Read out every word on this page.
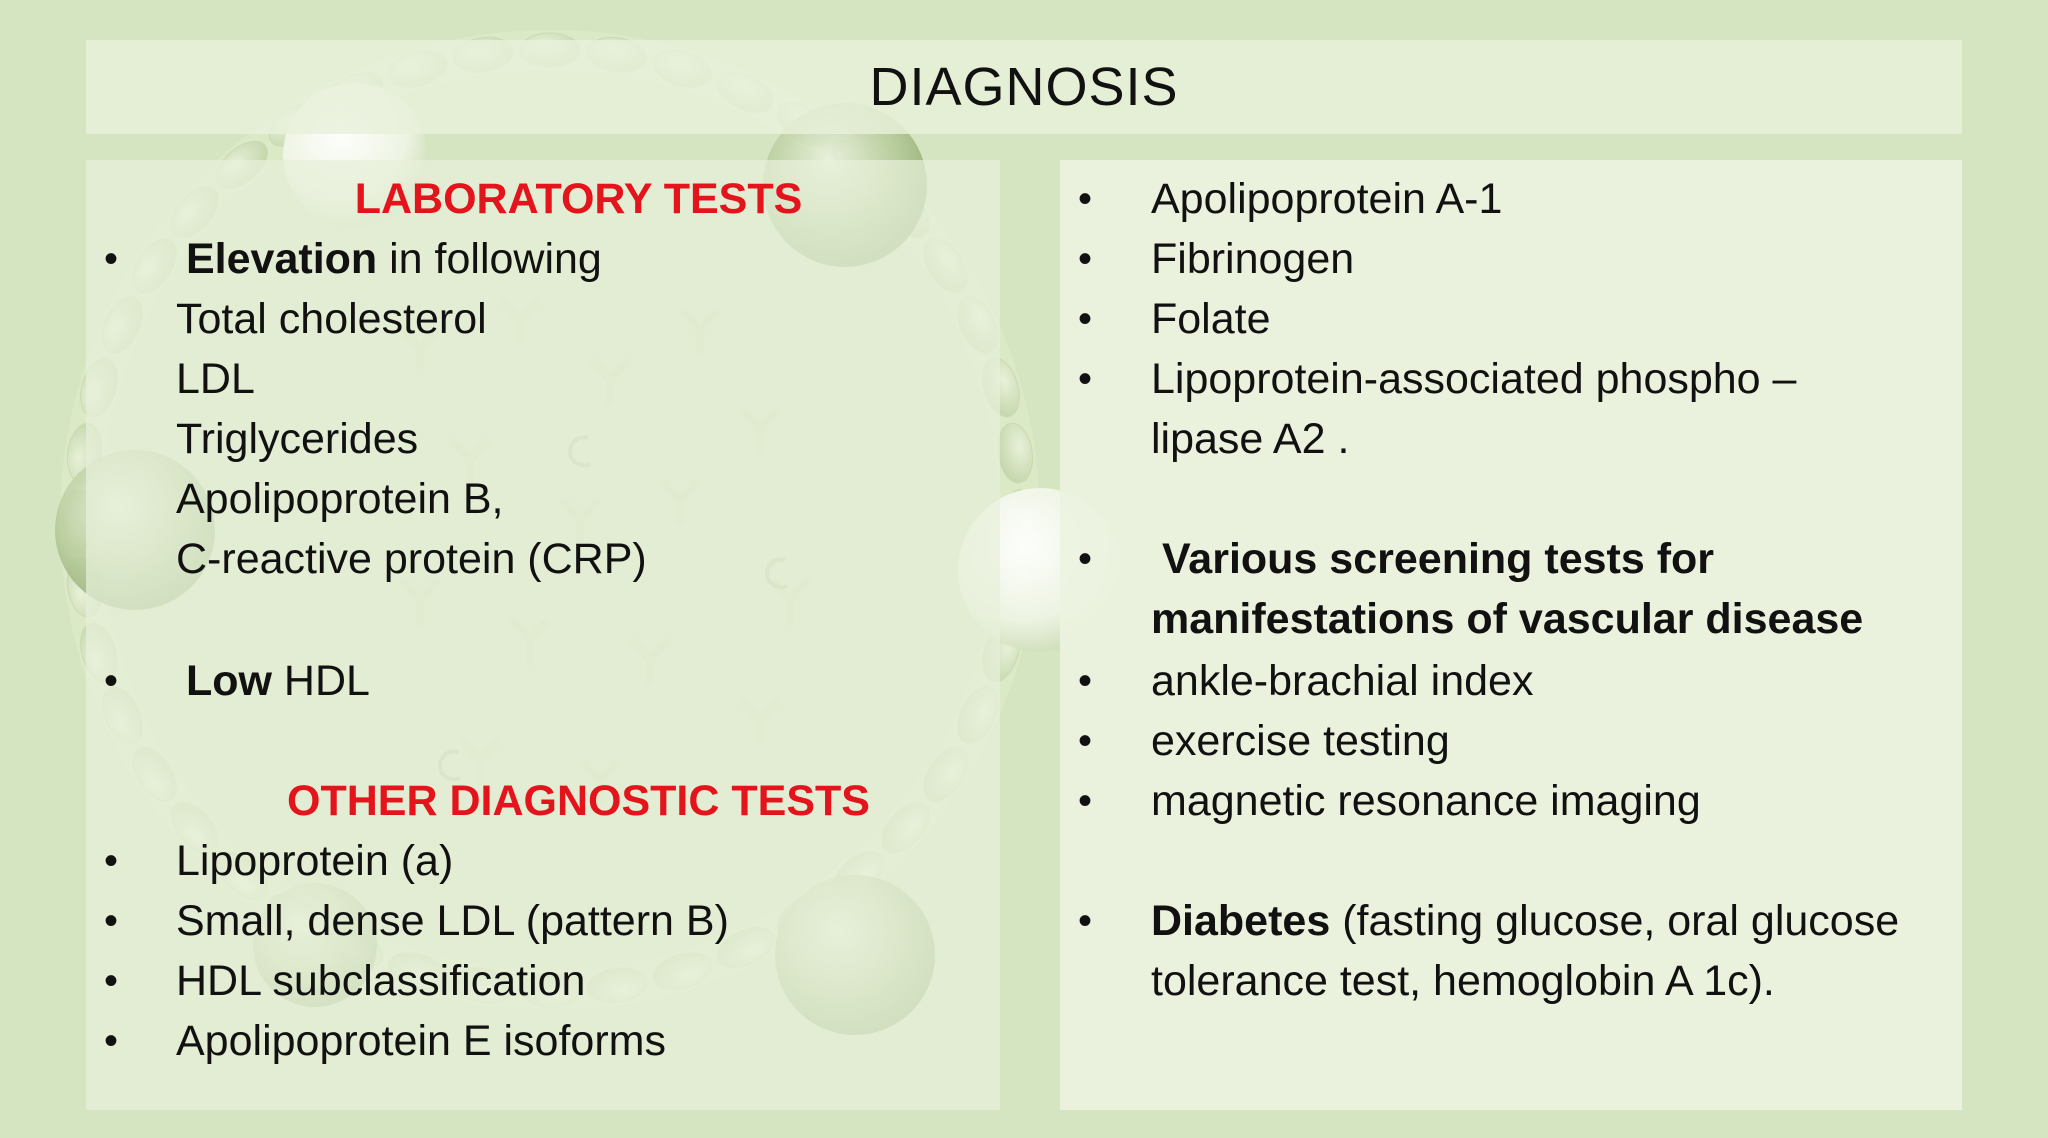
DIAGNOSIS
LABORATORY TESTS
• Elevation in following
Total cholesterol
LDL
Triglycerides
Apolipoprotein B,
C-reactive protein (CRP)
• Low HDL
OTHER DIAGNOSTIC TESTS
• Lipoprotein (a)
• Small, dense LDL (pattern B)
• HDL subclassification
• Apolipoprotein E isoforms
• Apolipoprotein A-1
• Fibrinogen
• Folate
• Lipoprotein-associated phospho –
lipase A2 .
• Various screening tests for
manifestations of vascular disease
• ankle-brachial index
• exercise testing
• magnetic resonance imaging
• Diabetes (fasting glucose, oral glucose
tolerance test, hemoglobin A 1c).
